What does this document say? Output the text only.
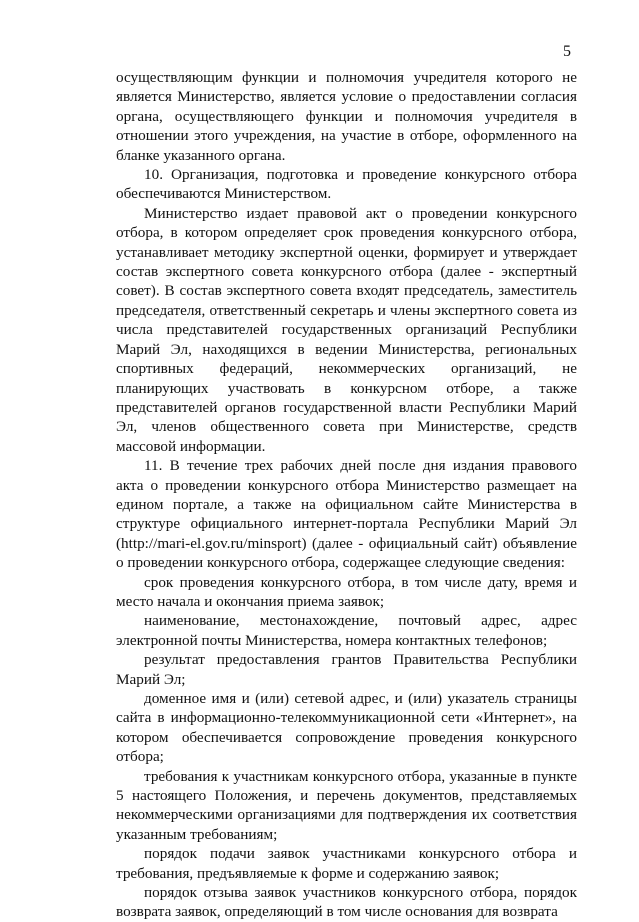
5

осуществляющим функции и полномочия учредителя которого не является Министерство, является условие о предоставлении согласия органа, осуществляющего функции и полномочия учредителя в отношении этого учреждения, на участие в отборе, оформленного на бланке указанного органа.

10. Организация, подготовка и проведение конкурсного отбора обеспечиваются Министерством.

Министерство издает правовой акт о проведении конкурсного отбора, в котором определяет срок проведения конкурсного отбора, устанавливает методику экспертной оценки, формирует и утверждает состав экспертного совета конкурсного отбора (далее - экспертный совет). В состав экспертного совета входят председатель, заместитель председателя, ответственный секретарь и члены экспертного совета из числа представителей государственных организаций Республики Марий Эл, находящихся в ведении Министерства, региональных спортивных федераций, некоммерческих организаций, не планирующих участвовать в конкурсном отборе, а также представителей органов государственной власти Республики Марий Эл, членов общественного совета при Министерстве, средств массовой информации.

11. В течение трех рабочих дней после дня издания правового акта о проведении конкурсного отбора Министерство размещает на едином портале, а также на официальном сайте Министерства в структуре официального интернет-портала Республики Марий Эл (http://mari-el.gov.ru/minsport) (далее - официальный сайт) объявление о проведении конкурсного отбора, содержащее следующие сведения:

срок проведения конкурсного отбора, в том числе дату, время и место начала и окончания приема заявок;

наименование, местонахождение, почтовый адрес, адрес электронной почты Министерства, номера контактных телефонов;

результат предоставления грантов Правительства Республики Марий Эл;

доменное имя и (или) сетевой адрес, и (или) указатель страницы сайта в информационно-телекоммуникационной сети «Интернет», на котором обеспечивается сопровождение проведения конкурсного отбора;

требования к участникам конкурсного отбора, указанные в пункте 5 настоящего Положения, и перечень документов, представляемых некоммерческими организациями для подтверждения их соответствия указанным требованиям;

порядок подачи заявок участниками конкурсного отбора и требования, предъявляемые к форме и содержанию заявок;

порядок отзыва заявок участников конкурсного отбора, порядок возврата заявок, определяющий в том числе основания для возврата
